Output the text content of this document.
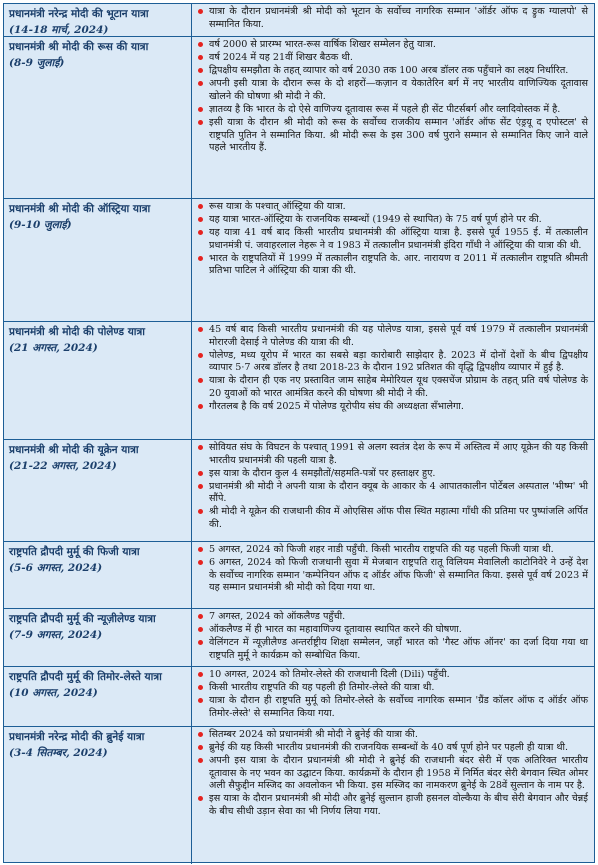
प्रधानमंत्री नरेन्द्र मोदी की भूटान यात्रा
(14-18 मार्च, 2024)
यात्रा के दौरान प्रधानमंत्री श्री मोदी को भूटान के सर्वोच्च नागरिक सम्मान 'ऑर्डर ऑफ द ड्रुक ग्यालपो' से सम्मानित किया.
प्रधानमंत्री श्री मोदी की रूस की यात्रा
(8-9 जुलाई)
वर्ष 2000 से प्रारम्भ भारत-रूस वार्षिक शिखर सम्मेलन हेतु यात्रा.
वर्ष 2024 में यह 21वीं शिखर बैठक थी.
द्विपक्षीय समझौता के तहत् व्यापार को वर्ष 2030 तक 100 अरब डॉलर तक पहुँचाने का लक्ष्य निर्धारित.
अपनी इसी यात्रा के दौरान रूस के दो शहरों—कज़ान व येकातेरिन बर्ग में नए भारतीय वाणिज्यिक दूतावास खोलने की घोषणा श्री मोदी ने की.
ज्ञातव्य है कि भारत के दो ऐसे वाणिज्य दूतावास रूस में पहले ही सेंट पीटर्सबर्ग और व्लादिवोस्तक में है.
इसी यात्रा के दौरान श्री मोदी को रूस के सर्वोच्च राजकीय सम्मान 'ऑर्डर ऑफ सेंट एंड्रयू द एपोस्टल' से राष्ट्रपति पुतिन ने सम्मानित किया. श्री मोदी रूस के इस 300 वर्ष पुराने सम्मान से सम्मानित किए जाने वाले पहले भारतीय हैं.
प्रधानमंत्री श्री मोदी की ऑस्ट्रिया यात्रा
(9-10 जुलाई)
रूस यात्रा के पश्चात् ऑस्ट्रिया की यात्रा.
यह यात्रा भारत-ऑस्ट्रिया के राजनयिक सम्बन्धों (1949 से स्थापित) के 75 वर्ष पूर्ण होने पर की.
यह यात्रा 41 वर्ष बाद किसी भारतीय प्रधानमंत्री की ऑस्ट्रिया यात्रा है. इससे पूर्व 1955 ई. में तत्कालीन प्रधानमंत्री पं. जवाहरलाल नेहरू ने व 1983 में तत्कालीन प्रधानमंत्री इंदिरा गाँधी ने ऑस्ट्रिया की यात्रा की थी.
भारत के राष्ट्रपतियों में 1999 में तत्कालीन राष्ट्रपति के. आर. नारायण व 2011 में तत्कालीन राष्ट्रपति श्रीमती प्रतिभा पाटिल ने ऑस्ट्रिया की यात्रा की थी.
प्रधानमंत्री श्री मोदी की पोलेण्ड यात्रा
(21 अगस्त, 2024)
45 वर्ष बाद किसी भारतीय प्रधानमंत्री की यह पोलेण्ड यात्रा, इससे पूर्व वर्ष 1979 में तत्कालीन प्रधानमंत्री मोरारजी देसाई ने पोलेण्ड की यात्रा की थी.
पोलेण्ड, मध्य यूरोप में भारत का सबसे बड़ा कारोबारी साझेदार है. 2023 में दोनों देशों के बीच द्विपक्षीय व्यापार 5·7 अरब डॉलर है तथा 2018-23 के दौरान 192 प्रतिशत की वृद्धि द्विपक्षीय व्यापार में हुई है.
यात्रा के दौरान ही एक नए प्रस्तावित जाम साहेब मेमोरियल यूथ एक्सचेंज प्रोग्राम के तहत् प्रति वर्ष पोलेण्ड के 20 युवाओं को भारत आमंत्रित करने की घोषणा श्री मोदी ने की.
गौरतलब है कि वर्ष 2025 में पोलेण्ड यूरोपीय संघ की अध्यक्षता सँभालेगा.
प्रधानमंत्री श्री मोदी की यूक्रेन यात्रा
(21-22 अगस्त, 2024)
सोवियत संघ के विघटन के पश्चात् 1991 से अलग स्वतंत्र देश के रूप में अस्तित्व में आए यूक्रेन की यह किसी भारतीय प्रधानमंत्री की पहली यात्रा है.
इस यात्रा के दौरान कुल 4 समझौतों/सहमति-पत्रों पर हस्ताक्षर हुए.
प्रधानमंत्री श्री मोदी ने अपनी यात्रा के दौरान क्यूब के आकार के 4 आपातकालीन पोर्टेबल अस्पताल 'भीष्म' भी सौंपे.
श्री मोदी ने यूक्रेन की राजधानी कीव में ओएसिस ऑफ पीस स्थित महात्मा गाँधी की प्रतिमा पर पुष्पांजलि अर्पित की.
राष्ट्रपति द्रौपदी मुर्मू की फिजी यात्रा
(5-6 अगस्त, 2024)
5 अगस्त, 2024 को फिजी शहर नाडी पहुँची. किसी भारतीय राष्ट्रपति की यह पहली फिजी यात्रा थी.
6 अगस्त, 2024 को फिजी राजधानी सुवा में मेजबान राष्ट्रपति रातू विलियम मेवालिली काटोनिवेरे ने उन्हें देश के सर्वोच्च नागरिक सम्मान 'कम्पेनियन ऑफ द ऑर्डर ऑफ फिजी' से सम्मानित किया. इससे पूर्व वर्ष 2023 में यह सम्मान प्रधानमंत्री श्री मोदी को दिया गया था.
राष्ट्रपति द्रौपदी मुर्मू की न्यूज़ीलेण्ड यात्रा
(7-9 अगस्त, 2024)
7 अगस्त, 2024 को ऑकलैण्ड पहुँची.
ऑकलैण्ड में ही भारत का महावाणिज्य दूतावास स्थापित करने की घोषणा.
वेलिंगटन में न्यूज़ीलैण्ड अन्तर्राष्ट्रीय शिक्षा सम्मेलन, जहाँ भारत को 'गैस्ट ऑफ ऑनर' का दर्जा दिया गया था राष्ट्रपति मुर्मू ने कार्यक्रम को सम्बोधित किया.
राष्ट्रपति द्रौपदी मुर्मू की तिमोर-लेस्ते यात्रा
(10 अगस्त, 2024)
10 अगस्त, 2024 को तिमोर-लेस्ते की राजधानी दिली (Dili) पहुँची.
किसी भारतीय राष्ट्रपति की यह पहली ही तिमोर-लेस्ते की यात्रा थी.
यात्रा के दौरान ही राष्ट्रपति मुर्मू को तिमोर-लेस्ते के सर्वोच्च नागरिक सम्मान 'ग्रैंड कॉलर ऑफ द ऑर्डर ऑफ तिमोर-लेस्ते' से सम्मानित किया गया.
प्रधानमंत्री नरेन्द्र मोदी की ब्रुनेई यात्रा
(3-4 सितम्बर, 2024)
सितम्बर 2024 को प्रधानमंत्री श्री मोदी ने ब्रुनेई की यात्रा की.
ब्रुनेई की यह किसी भारतीय प्रधानमंत्री की राजनयिक सम्बन्धों के 40 वर्ष पूर्ण होने पर पहली ही यात्रा थी.
अपनी इस यात्रा के दौरान प्रधानमंत्री श्री मोदी ने ब्रुनेई की राजधानी बंदर सेरी में एक अतिरिक्त भारतीय दूतावास के नए भवन का उद्घाटन किया. कार्यक्रमों के दौरान ही 1958 में निर्मित बंदर सेरी बेगवान स्थित ओमर अली सैफुद्दीन मस्जिद का अवलोकन भी किया. इस मस्जिद का नामकरण ब्रुनेई के 28वें सुल्तान के नाम पर है.
इस यात्रा के दौरान प्रधानमंत्री श्री मोदी और ब्रुनेई सुल्तान हाजी हसनल वोल्कैया के बीच सेरी बेगवान और चेन्नई के बीच सीधी उड़ान सेवा का भी निर्णय लिया गया.
